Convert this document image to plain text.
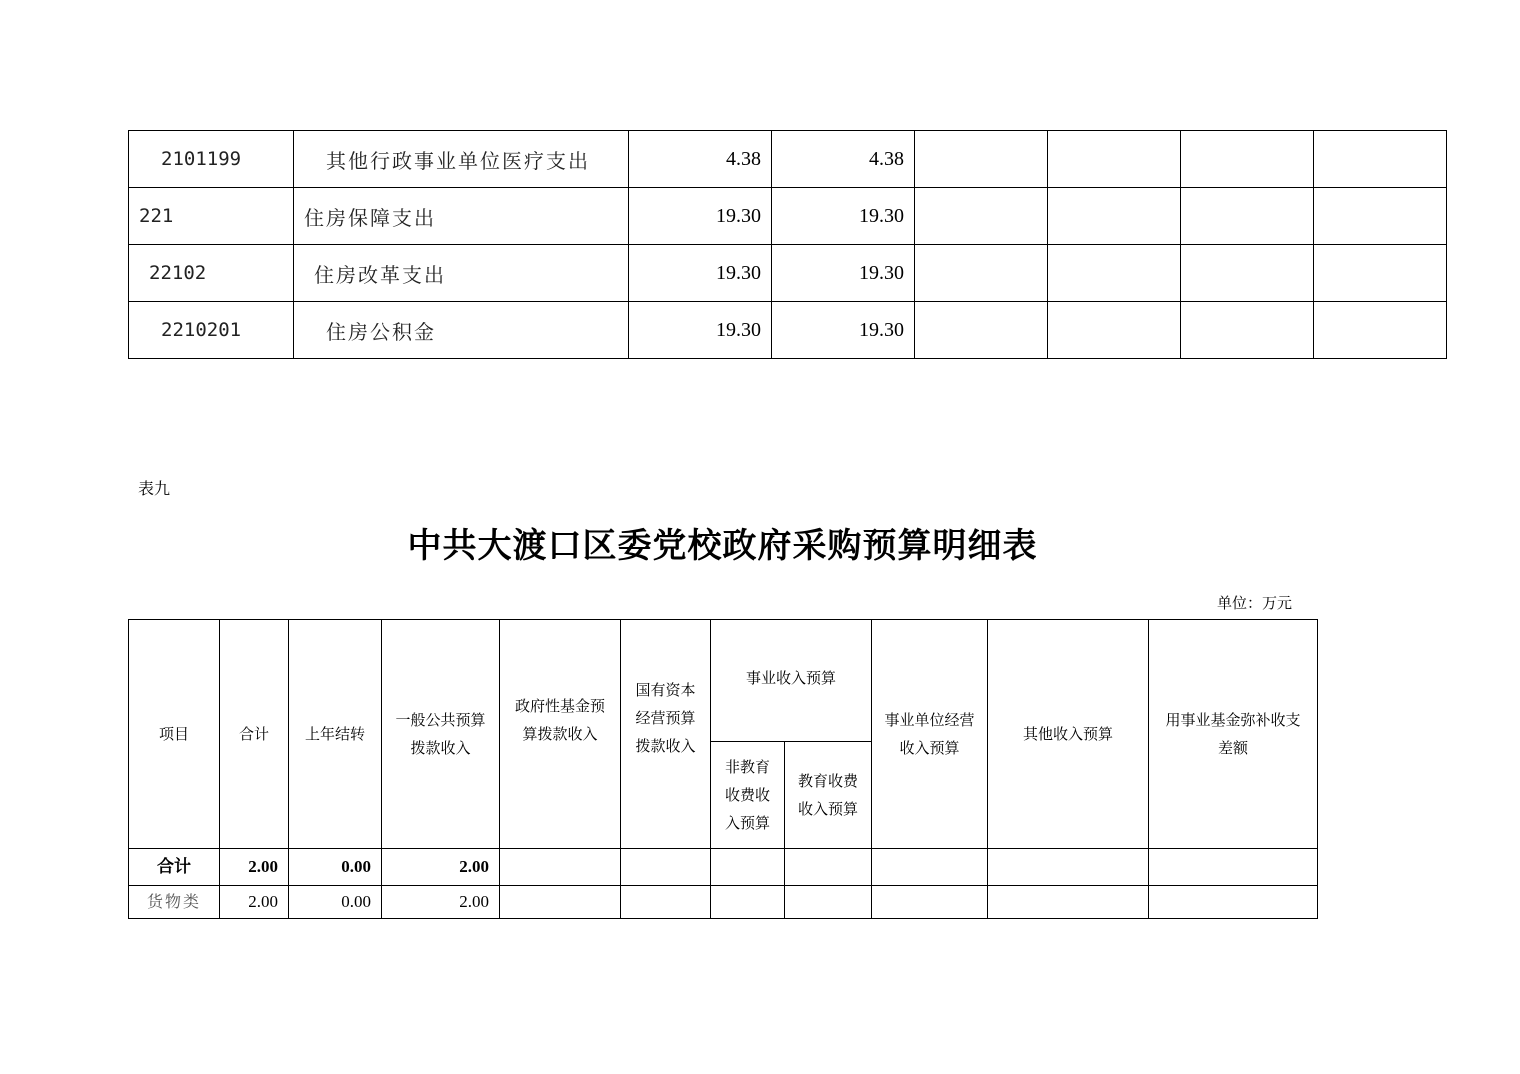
2101199	其他行政事业单位医疗支出	4.38	4.38				
221	住房保障支出	19.30	19.30				
22102	住房改革支出	19.30	19.30				
2210201	住房公积金	19.30	19.30				
表九
中共大渡口区委党校政府采购预算明细表
单位：万元
项目	合计	上年结转	一般公共预算拨款收入	政府性基金预算拨款收入	国有资本经营预算拨款收入	事业收入预算		事业单位经营收入预算	其他收入预算	用事业基金弥补收支差额
						非教育收费收入预算	教育收费收入预算			
合计	2.00	0.00	2.00							
货物类	2.00	0.00	2.00							
